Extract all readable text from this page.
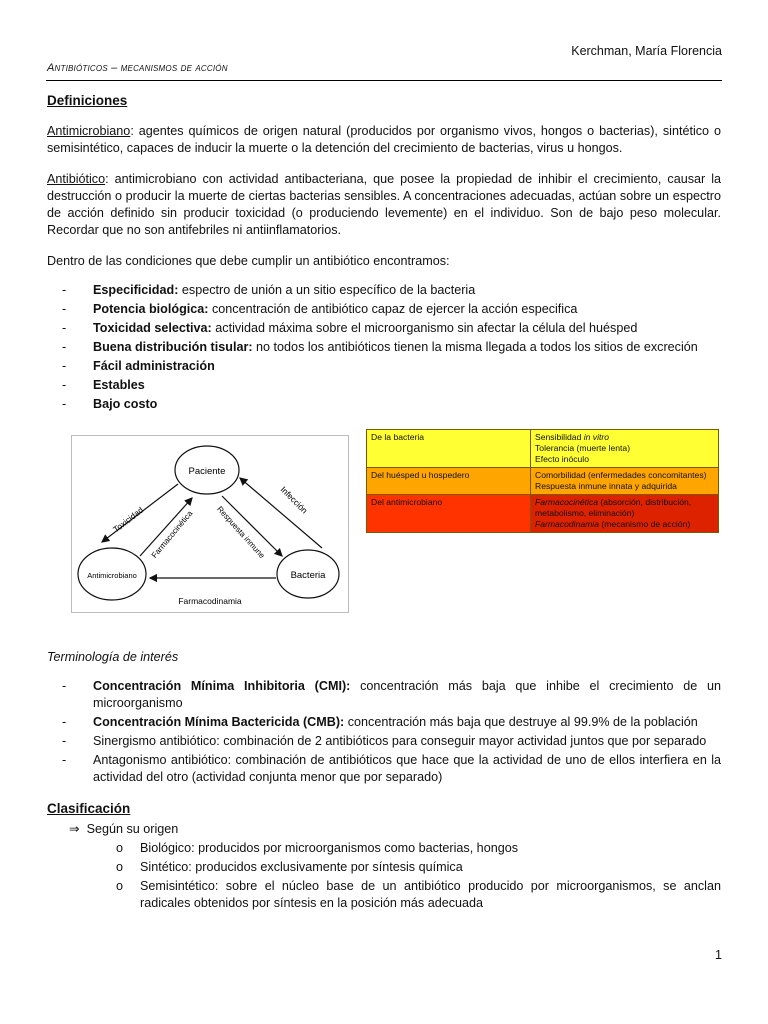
Kerchman, María Florencia
Antibióticos – mecanismos de acción
Definiciones

Antimicrobiano: agentes químicos de origen natural (producidos por organismo vivos, hongos o bacterias), sintético o semisintético, capaces de inducir la muerte o la detención del crecimiento de bacterias, virus u hongos.

Antibiótico: antimicrobiano con actividad antibacteriana, que posee la propiedad de inhibir el crecimiento, causar la destrucción o producir la muerte de ciertas bacterias sensibles. A concentraciones adecuadas, actúan sobre un espectro de acción definido sin producir toxicidad (o produciendo levemente) en el individuo. Son de bajo peso molecular. Recordar que no son antifebriles ni antiinflamatorios.

Dentro de las condiciones que debe cumplir un antibiótico encontramos:

- Especificidad: espectro de unión a un sitio específico de la bacteria
- Potencia biológica: concentración de antibiótico capaz de ejercer la acción especifica
- Toxicidad selectiva: actividad máxima sobre el microorganismo sin afectar la célula del huésped
- Buena distribución tisular: no todos los antibióticos tienen la misma llegada a todos los sitios de excreción
- Fácil administración
- Estables
- Bajo costo
Paciente
Antimicrobiano	Bacteria
Toxicidad Farmacocinética	Respuesta inmune
Infección
Farmacodinamia
De la bacteria	Sensibilidad in vitro
Tolerancia (muerte lenta)
Efecto inóculo

Del huésped u hospedero	Comorbilidad (enfermedades concomitantes)
Respuesta inmune innata y adquirida

Del antimicrobiano	Farmacocinética (absorción, distribución, metabolismo, eliminación)
Farmacodinamia (mecanismo de acción)
Terminología de interés
- Concentración Mínima Inhibitoria (CMI): concentración más baja que inhibe el crecimiento de un microorganismo
- Concentración Mínima Bactericida (CMB): concentración más baja que destruye al 99.9% de la población
- Sinergismo antibiótico: combinación de 2 antibióticos para conseguir mayor actividad juntos que por separado
- Antagonismo antibiótico: combinación de antibióticos que hace que la actividad de uno de ellos interfiera en la actividad del otro (actividad conjunta menor que por separado)
Clasificación
⇒ Según su origen
o Biológico: producidos por microorganismos como bacterias, hongos
o Sintético: producidos exclusivamente por síntesis química
o Semisintético: sobre el núcleo base de un antibiótico producido por microorganismos, se anclan radicales obtenidos por síntesis en la posición más adecuada
1
